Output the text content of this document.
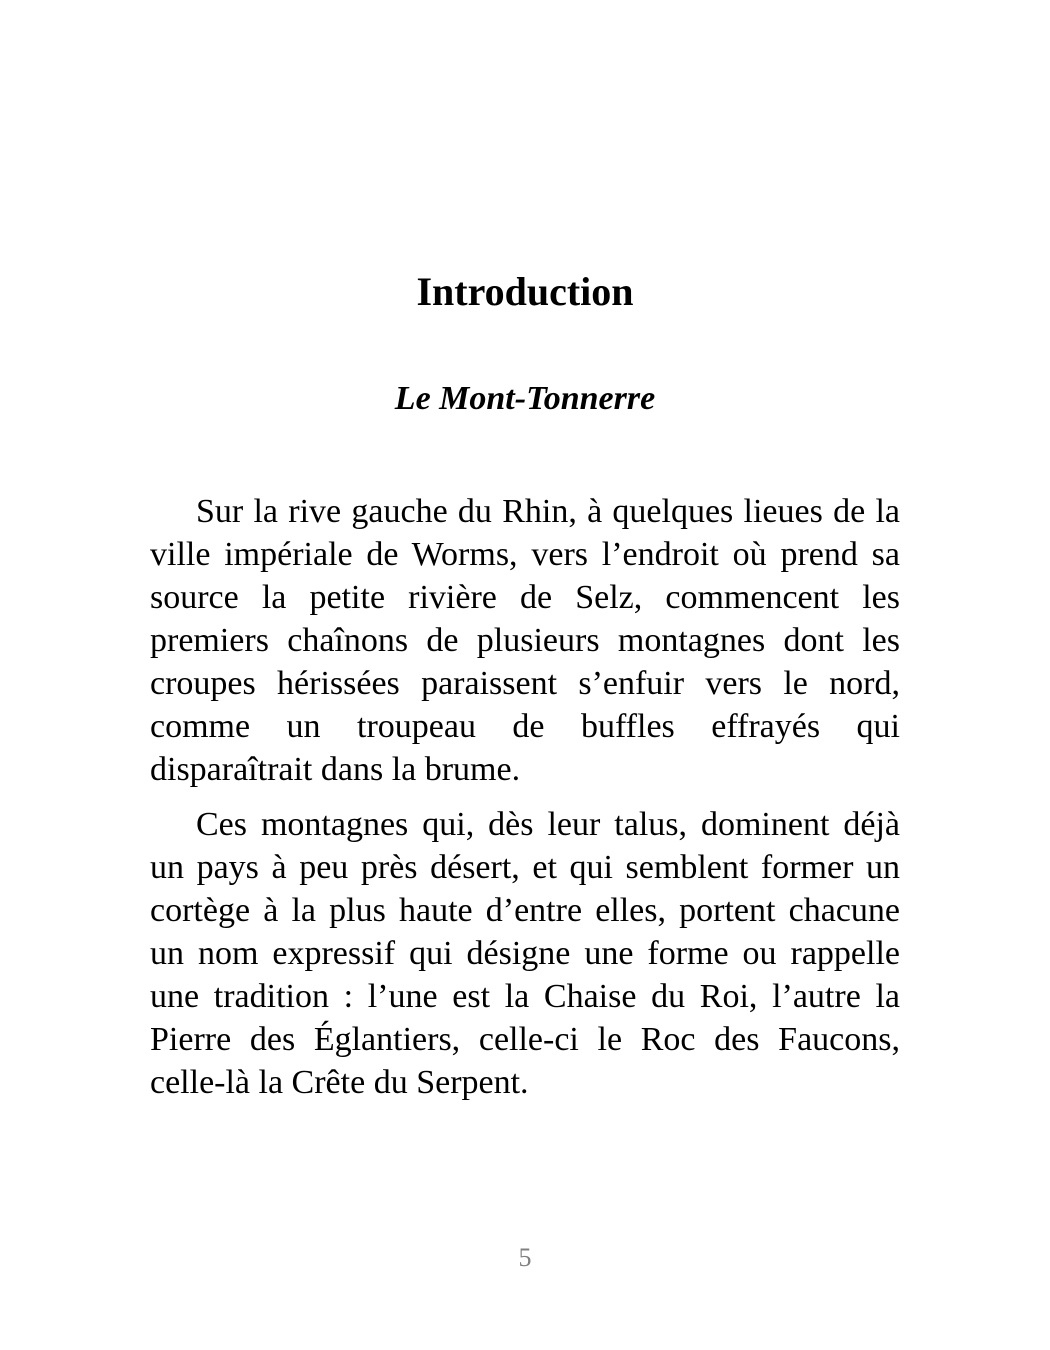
Introduction
Le Mont-Tonnerre

Sur la rive gauche du Rhin, à quelques lieues de la ville impériale de Worms, vers l’endroit où prend sa source la petite rivière de Selz, commencent les premiers chaînons de plusieurs montagnes dont les croupes hérissées paraissent s’enfuir vers le nord, comme un troupeau de buffles effrayés qui disparaîtrait dans la brume.

Ces montagnes qui, dès leur talus, dominent déjà un pays à peu près désert, et qui semblent former un cortège à la plus haute d’entre elles, portent chacune un nom expressif qui désigne une forme ou rappelle une tradition : l’une est la Chaise du Roi, l’autre la Pierre des Églantiers, celle-ci le Roc des Faucons, celle-là la Crête du Serpent.

5
